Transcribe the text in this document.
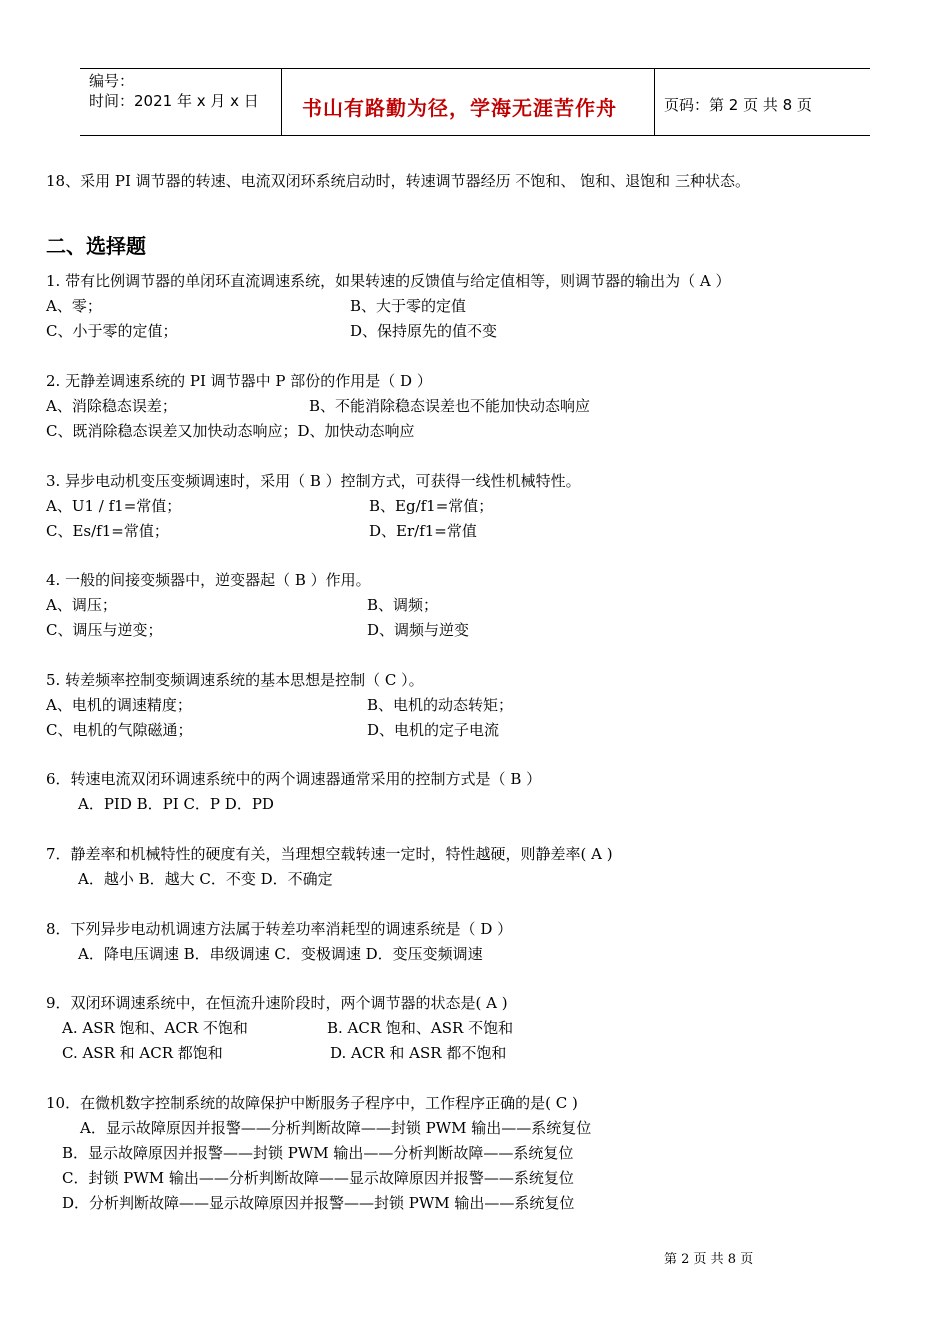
编号：
时间：2021 年 x 月 x 日 书山有路勤为径，学海无涯苦作舟	页码：第 2 页 共 8 页
18、采用 PI 调节器的转速、电流双闭环系统启动时，转速调节器经历 不饱和、 饱和、退饱和 三种状态。
二、选择题
1. 带有比例调节器的单闭环直流调速系统，如果转速的反馈值与给定值相等，则调节器的输出为（ A ）
A、零；	B、大于零的定值
C、小于零的定值；	D、保持原先的值不变
2. 无静差调速系统的 PI 调节器中 P 部份的作用是（ D ）
A、消除稳态误差；	B、不能消除稳态误差也不能加快动态响应
C、既消除稳态误差又加快动态响应；D、加快动态响应
3. 异步电动机变压变频调速时，采用（ B ）控制方式，可获得一线性机械特性。
A、U1 / f1=常值；	B、Eg/f1=常值；
C、Es/f1=常值；	D、Er/f1=常值
4. 一般的间接变频器中，逆变器起（ B ）作用。
A、调压；	B、调频；
C、调压与逆变；	D、调频与逆变
5. 转差频率控制变频调速系统的基本思想是控制（ C ）。
A、电机的调速精度；	B、电机的动态转矩；
C、电机的气隙磁通；	D、电机的定子电流
6．转速电流双闭环调速系统中的两个调速器通常采用的控制方式是（ B ）
A．PID B．PI C．P D．PD
7．静差率和机械特性的硬度有关，当理想空载转速一定时，特性越硬，则静差率( A )
A．越小 B．越大 C．不变 D．不确定
8．下列异步电动机调速方法属于转差功率消耗型的调速系统是（ D ）
A．降电压调速 B．串级调速 C．变极调速 D．变压变频调速
9．双闭环调速系统中，在恒流升速阶段时，两个调节器的状态是( A )
A. ASR 饱和、ACR 不饱和	B. ACR 饱和、ASR 不饱和
C. ASR 和 ACR 都饱和	D. ACR 和 ASR 都不饱和
10．在微机数字控制系统的故障保护中断服务子程序中，工作程序正确的是( C )
A．显示故障原因并报警——分析判断故障——封锁 PWM 输出——系统复位
B．显示故障原因并报警——封锁 PWM 输出——分析判断故障——系统复位
C．封锁 PWM 输出——分析判断故障——显示故障原因并报警——系统复位
D．分析判断故障——显示故障原因并报警——封锁 PWM 输出——系统复位
第 2 页 共 8 页
